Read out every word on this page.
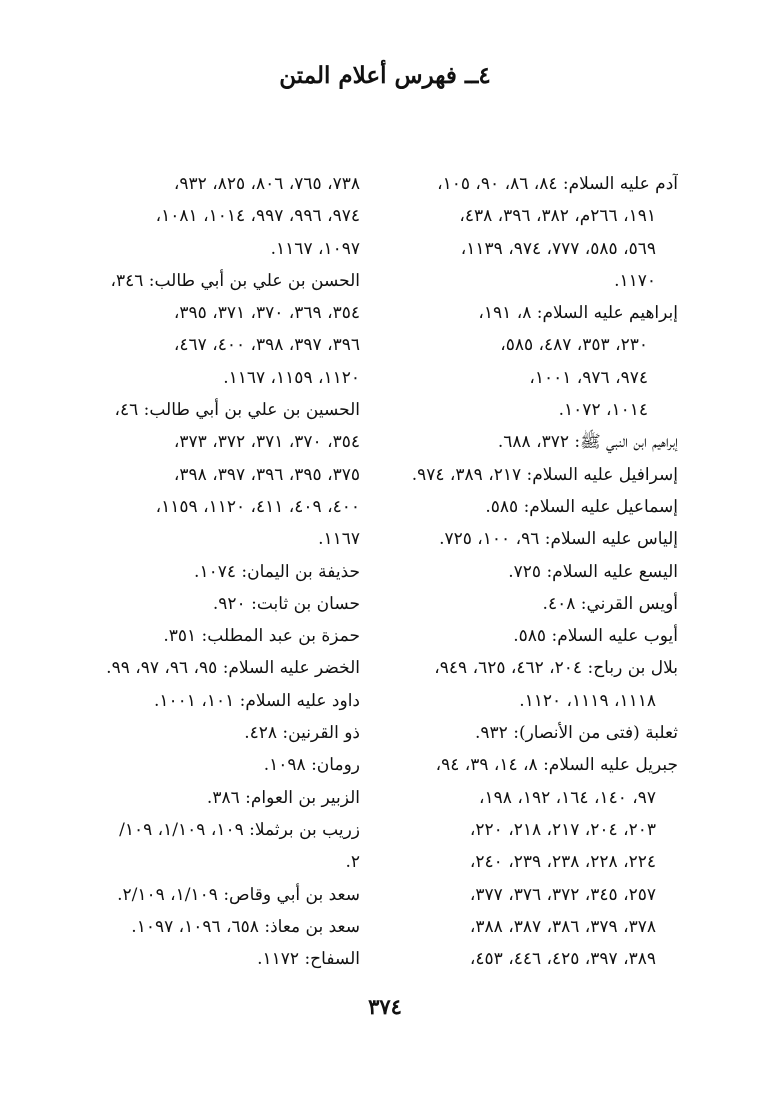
٤ــ فهرس أعلام المتن
آدم عليه السلام: ٨٤، ٨٦، ٩٠، ١٠٥،
١٩١، ٢٦٦م، ٣٨٢، ٣٩٦، ٤٣٨،
٥٦٩، ٥٨٥، ٧٧٧، ٩٧٤، ١١٣٩،
١١٧٠.
إبراهيم عليه السلام: ٨، ١٩١،
٢٣٠، ٣٥٣، ٤٨٧، ٥٨٥،
٩٧٤، ٩٧٦، ١٠٠١،
١٠١٤، ١٠٧٢.
إبراهيم ابن النبي ﷺ: ٣٧٢، ٦٨٨.
إسرافيل عليه السلام: ٢١٧، ٣٨٩، ٩٧٤.
إسماعيل عليه السلام: ٥٨٥.
إلياس عليه السلام: ٩٦، ١٠٠، ٧٢٥.
اليسع عليه السلام: ٧٢٥.
أويس القرني: ٤٠٨.
أيوب عليه السلام: ٥٨٥.
بلال بن رباح: ٢٠٤، ٤٦٢، ٦٢٥، ٩٤٩،
١١١٨، ١١١٩، ١١٢٠.
ثعلبة (فتى من الأنصار): ٩٣٢.
جبريل عليه السلام: ٨، ١٤، ٣٩، ٩٤،
٩٧، ١٤٠، ١٦٤، ١٩٢، ١٩٨،
٢٠٣، ٢٠٤، ٢١٧، ٢١٨، ٢٢٠،
٢٢٤، ٢٢٨، ٢٣٨، ٢٣٩، ٢٤٠،
٢٥٧، ٣٤٥، ٣٧٢، ٣٧٦، ٣٧٧،
٣٧٨، ٣٧٩، ٣٨٦، ٣٨٧، ٣٨٨،
٣٨٩، ٣٩٧، ٤٢٥، ٤٤٦، ٤٥٣،
٧٣٨، ٧٦٥، ٨٠٦، ٨٢٥، ٩٣٢،
٩٧٤، ٩٩٦، ٩٩٧، ١٠١٤، ١٠٨١،
١٠٩٧، ١١٦٧.
الحسن بن علي بن أبي طالب: ٣٤٦،
٣٥٤، ٣٦٩، ٣٧٠، ٣٧١، ٣٩٥،
٣٩٦، ٣٩٧، ٣٩٨، ٤٠٠، ٤٦٧،
١١٢٠، ١١٥٩، ١١٦٧.
الحسين بن علي بن أبي طالب: ٤٦،
٣٥٤، ٣٧٠، ٣٧١، ٣٧٢، ٣٧٣،
٣٧٥، ٣٩٥، ٣٩٦، ٣٩٧، ٣٩٨،
٤٠٠، ٤٠٩، ٤١١، ١١٢٠، ١١٥٩،
١١٦٧.
حذيفة بن اليمان: ١٠٧٤.
حسان بن ثابت: ٩٢٠.
حمزة بن عبد المطلب: ٣٥١.
الخضر عليه السلام: ٩٥، ٩٦، ٩٧، ٩٩.
داود عليه السلام: ١٠١، ١٠٠١.
ذو القرنين: ٤٢٨.
رومان: ١٠٩٨.
الزبير بن العوام: ٣٨٦.
زريب بن برثملا: ١٠٩، ١/١٠٩، ١٠٩/
٢.
سعد بن أبي وقاص: ١/١٠٩، ٢/١٠٩.
سعد بن معاذ: ٦٥٨، ١٠٩٦، ١٠٩٧.
السفاح: ١١٧٢.
٣٧٤
